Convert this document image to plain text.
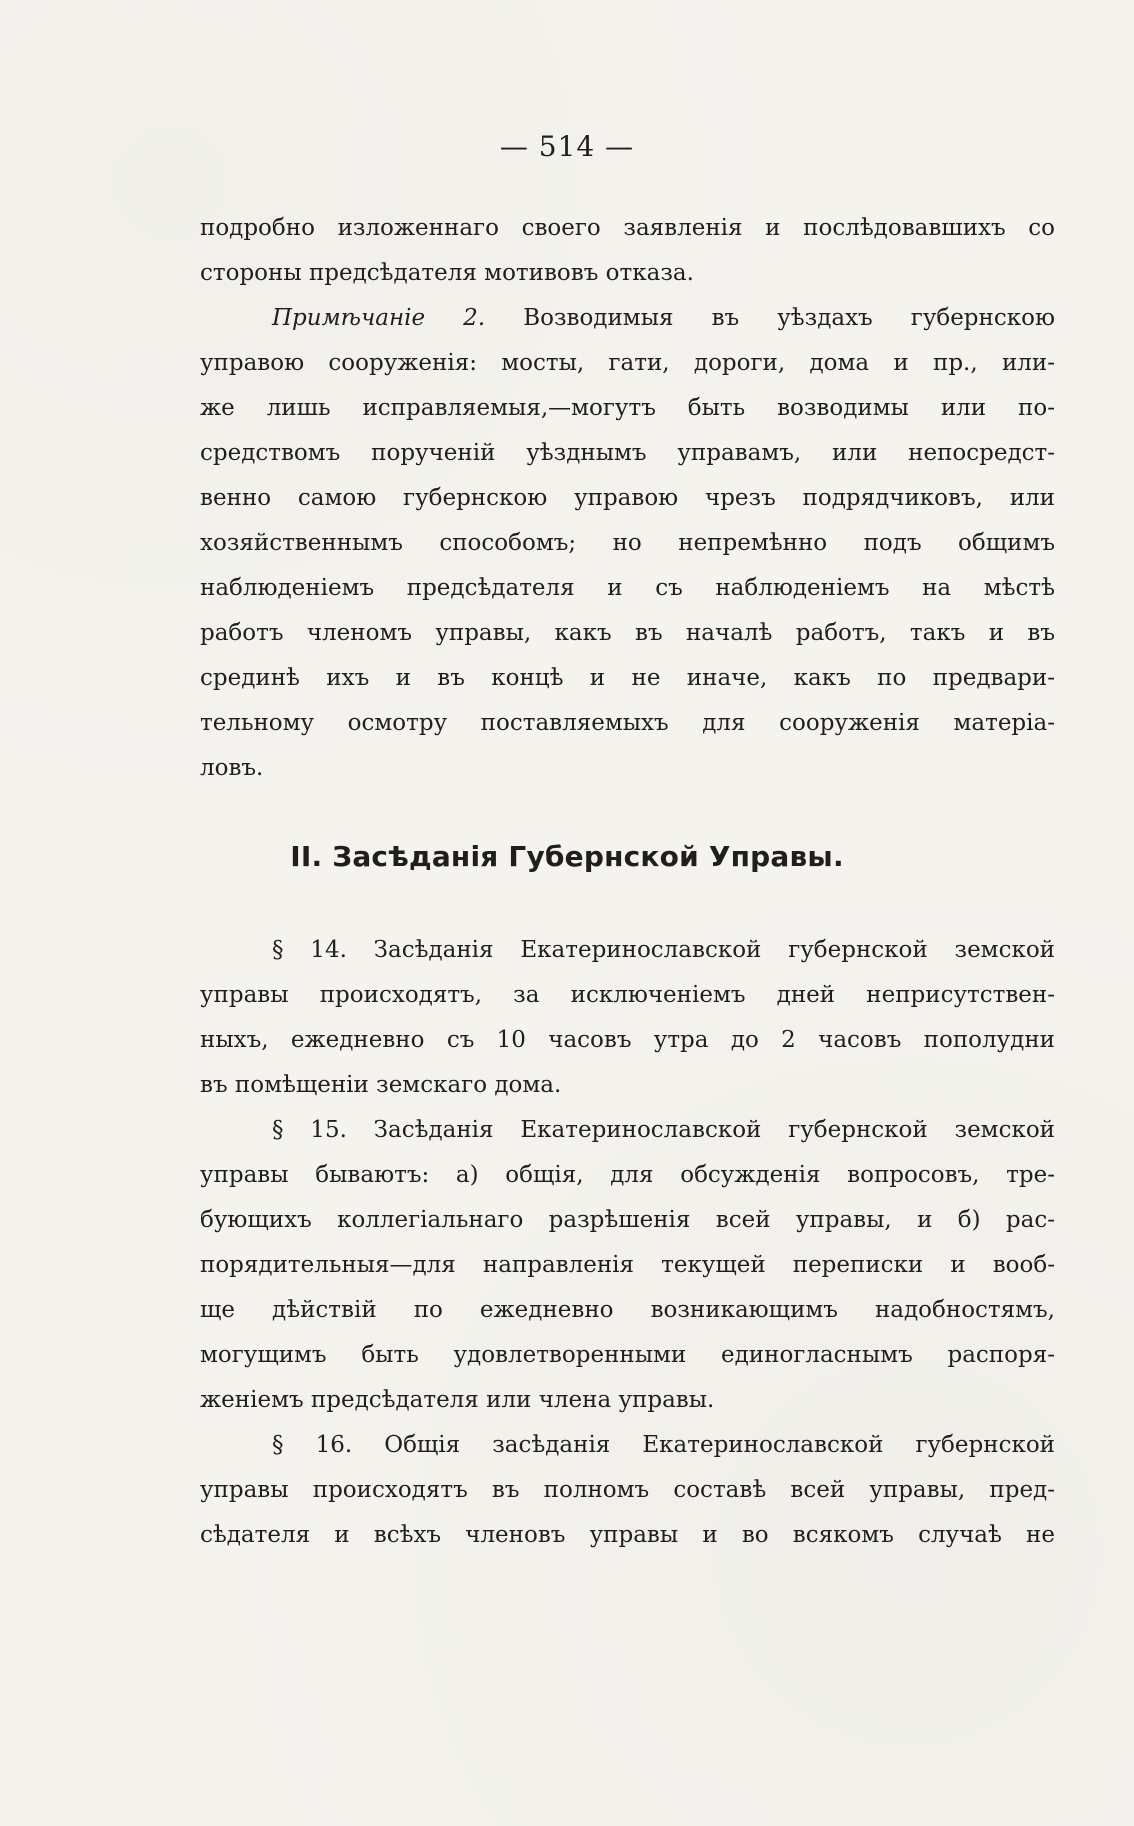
— 514 —
подробно изложеннаго своего заявленія и послѣдовавшихъ со
стороны предсѣдателя мотивовъ отказа.
Примѣчаніе 2. Возводимыя въ уѣздахъ губернскою
управою сооруженія: мосты, гати, дороги, дома и пр., или-
же лишь исправляемыя,—могутъ быть возводимы или по-
средствомъ порученій уѣзднымъ управамъ, или непосредст-
венно самою губернскою управою чрезъ подрядчиковъ, или
хозяйственнымъ способомъ; но непремѣнно подъ общимъ
наблюденіемъ предсѣдателя и съ наблюденіемъ на мѣстѣ
работъ членомъ управы, какъ въ началѣ работъ, такъ и въ
срединѣ ихъ и въ концѣ и не иначе, какъ по предвари-
тельному осмотру поставляемыхъ для сооруженія матеріа-
ловъ.
II. Засѣданія Губернской Управы.
§ 14. Засѣданія Екатеринославской губернской земской
управы происходятъ, за исключеніемъ дней неприсутствен-
ныхъ, ежедневно съ 10 часовъ утра до 2 часовъ пополудни
въ помѣщеніи земскаго дома.
§ 15. Засѣданія Екатеринославской губернской земской
управы бываютъ: а) общія, для обсужденія вопросовъ, тре-
бующихъ коллегіальнаго разрѣшенія всей управы, и б) рас-
порядительныя—для направленія текущей переписки и вооб-
ще дѣйствій по ежедневно возникающимъ надобностямъ,
могущимъ быть удовлетворенными единогласнымъ распоря-
женіемъ предсѣдателя или члена управы.
§ 16. Общія засѣданія Екатеринославской губернской
управы происходятъ въ полномъ составѣ всей управы, пред-
сѣдателя и всѣхъ членовъ управы и во всякомъ случаѣ не
